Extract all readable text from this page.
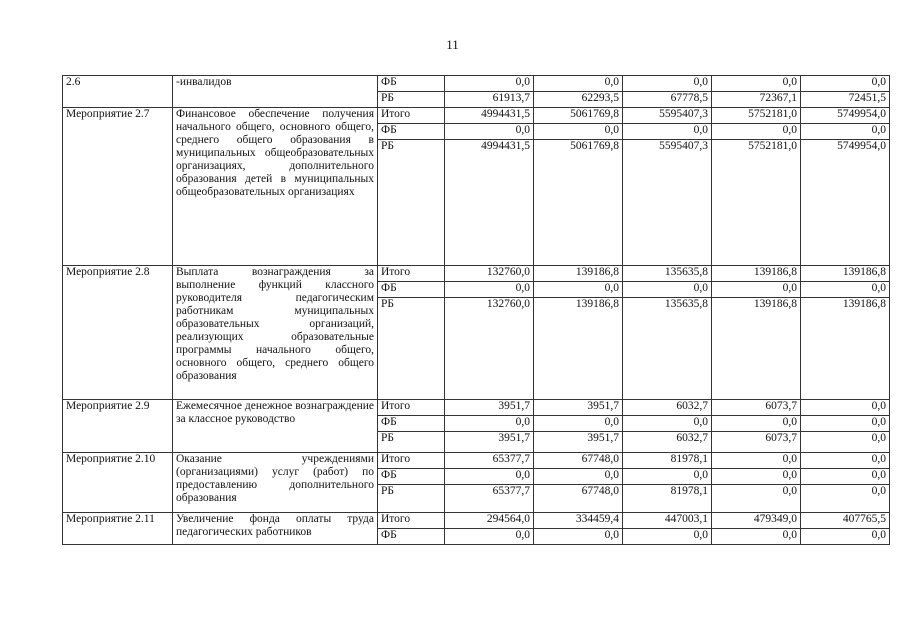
11
2.6	-инвалидов	ФБ	0,0	0,0	0,0	0,0	0,0
		РБ	61913,7	62293,5	67778,5	72367,1	72451,5
Мероприятие 2.7	Финансовое обеспечение получения начального общего, основного общего, среднего общего образования в муниципальных общеобразовательных организациях, дополнительного образования детей в муниципальных общеобразовательных организациях	Итого	4994431,5	5061769,8	5595407,3	5752181,0	5749954,0
		ФБ	0,0	0,0	0,0	0,0	0,0
		РБ	4994431,5	5061769,8	5595407,3	5752181,0	5749954,0
Мероприятие 2.8	Выплата вознаграждения за выполнение функций классного руководителя педагогическим работникам муниципальных образовательных организаций, реализующих образовательные программы начального общего, основного общего, среднего общего образования	Итого	132760,0	139186,8	135635,8	139186,8	139186,8
		ФБ	0,0	0,0	0,0	0,0	0,0
		РБ	132760,0	139186,8	135635,8	139186,8	139186,8
Мероприятие 2.9	Ежемесячное денежное вознаграждение за классное руководство	Итого	3951,7	3951,7	6032,7	6073,7	0,0
		ФБ	0,0	0,0	0,0	0,0	0,0
		РБ	3951,7	3951,7	6032,7	6073,7	0,0
Мероприятие 2.10	Оказание учреждениями (организациями) услуг (работ) по предоставлению дополнительного образования	Итого	65377,7	67748,0	81978,1	0,0	0,0
		ФБ	0,0	0,0	0,0	0,0	0,0
		РБ	65377,7	67748,0	81978,1	0,0	0,0
Мероприятие 2.11	Увеличение фонда оплаты труда педагогических работников	Итого	294564,0	334459,4	447003,1	479349,0	407765,5
		ФБ	0,0	0,0	0,0	0,0	0,0
